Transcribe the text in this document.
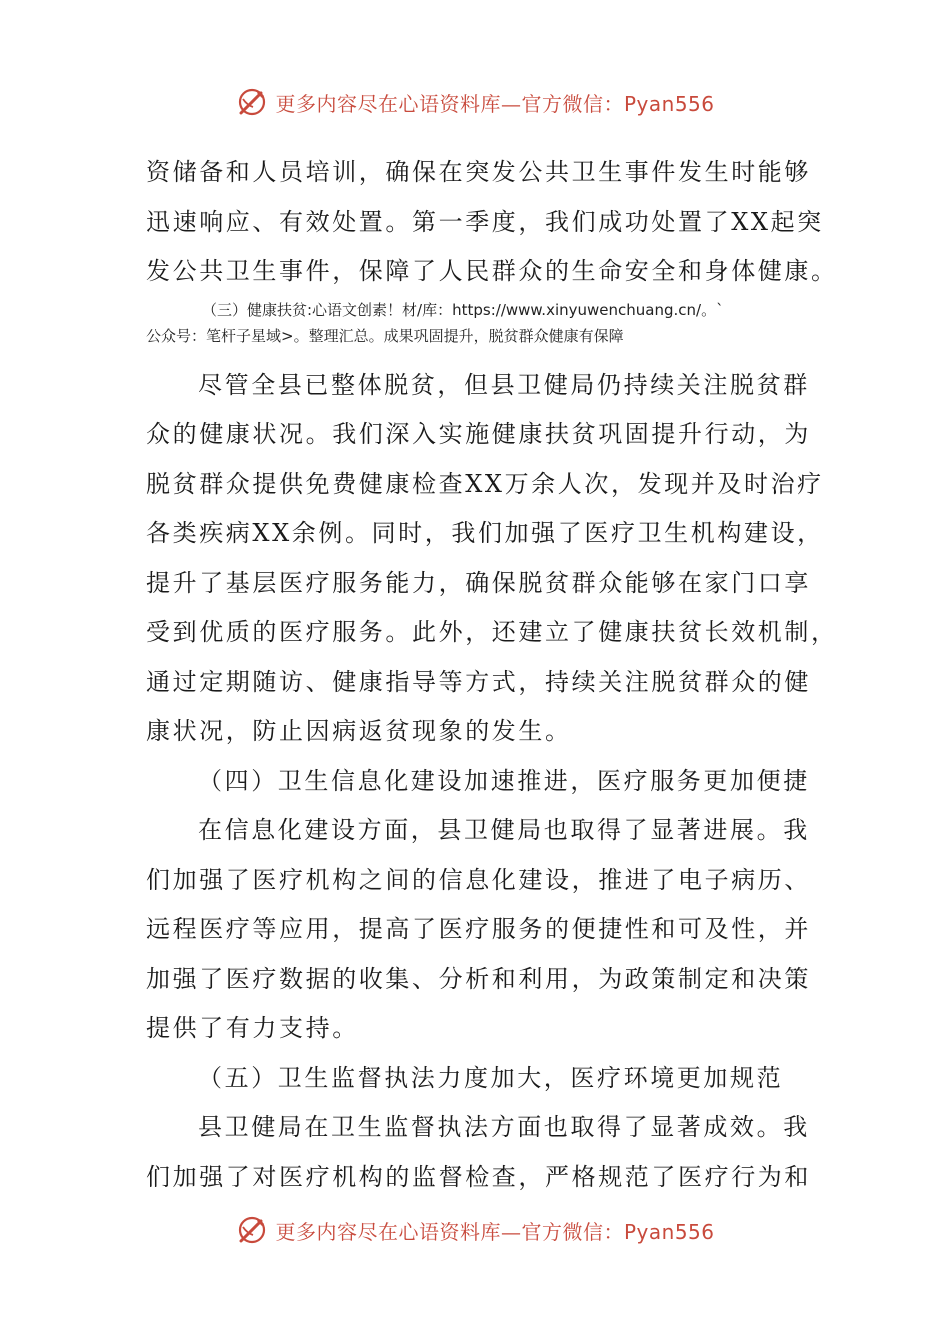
更多内容尽在心语资料库—官方微信：Pyan556
资储备和人员培训，确保在突发公共卫生事件发生时能够
迅速响应、有效处置。第一季度，我们成功处置了XX起突
发公共卫生事件，保障了人民群众的生命安全和身体健康。
（三）健康扶贫:心语文创素！材/库：https://www.xinyuwenchuang.cn/。`
公众号：笔杆子星域>。整理汇总。成果巩固提升，脱贫群众健康有保障
尽管全县已整体脱贫，但县卫健局仍持续关注脱贫群
众的健康状况。我们深入实施健康扶贫巩固提升行动，为
脱贫群众提供免费健康检查XX万余人次，发现并及时治疗
各类疾病XX余例。同时，我们加强了医疗卫生机构建设，
提升了基层医疗服务能力，确保脱贫群众能够在家门口享
受到优质的医疗服务。此外，还建立了健康扶贫长效机制，
通过定期随访、健康指导等方式，持续关注脱贫群众的健
康状况，防止因病返贫现象的发生。
（四）卫生信息化建设加速推进，医疗服务更加便捷
在信息化建设方面，县卫健局也取得了显著进展。我
们加强了医疗机构之间的信息化建设，推进了电子病历、
远程医疗等应用，提高了医疗服务的便捷性和可及性，并
加强了医疗数据的收集、分析和利用，为政策制定和决策
提供了有力支持。
（五）卫生监督执法力度加大，医疗环境更加规范
县卫健局在卫生监督执法方面也取得了显著成效。我
们加强了对医疗机构的监督检查，严格规范了医疗行为和
更多内容尽在心语资料库—官方微信：Pyan556
